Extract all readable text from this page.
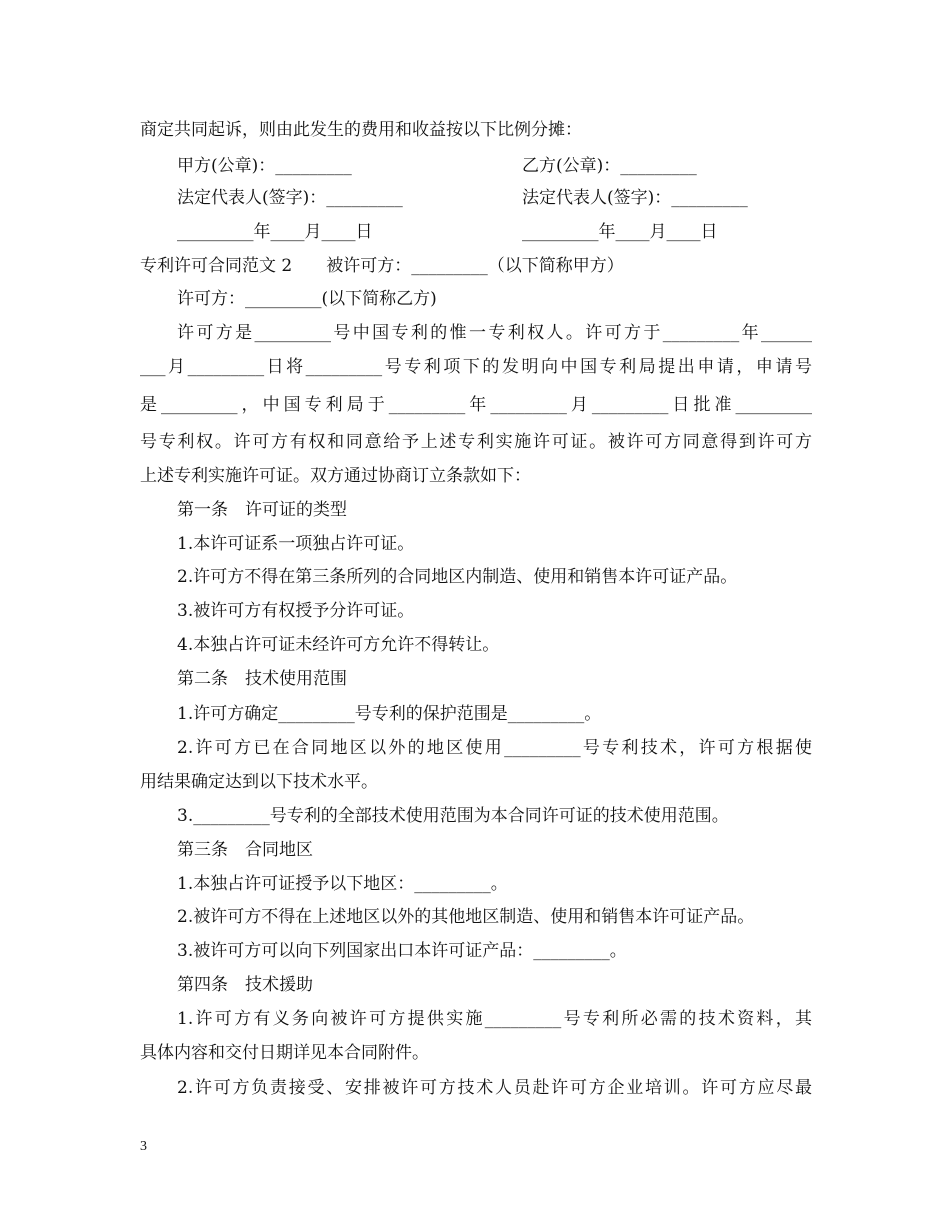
商定共同起诉，则由此发生的费用和收益按以下比例分摊：
甲方(公章)：_________	乙方(公章)：_________
法定代表人(签字)：_________	法定代表人(签字)：_________
_________年____月____日	_________年____月____日
专利许可合同范文 2　　被许可方：_________（以下简称甲方）
许可方：_________(以下简称乙方)
许可方是_________号中国专利的惟一专利权人。许可方于_________年______
___月_________日将_________号专利项下的发明向中国专利局提出申请，申请号
是_________，中国专利局于_________年_________月_________日批准_________
号专利权。许可方有权和同意给予上述专利实施许可证。被许可方同意得到许可方
上述专利实施许可证。双方通过协商订立条款如下：
第一条　许可证的类型
1.本许可证系一项独占许可证。
2.许可方不得在第三条所列的合同地区内制造、使用和销售本许可证产品。
3.被许可方有权授予分许可证。
4.本独占许可证未经许可方允许不得转让。
第二条　技术使用范围
1.许可方确定_________号专利的保护范围是_________。
2.许可方已在合同地区以外的地区使用_________号专利技术，许可方根据使
用结果确定达到以下技术水平。
3._________号专利的全部技术使用范围为本合同许可证的技术使用范围。
第三条　合同地区
1.本独占许可证授予以下地区：_________。
2.被许可方不得在上述地区以外的其他地区制造、使用和销售本许可证产品。
3.被许可方可以向下列国家出口本许可证产品：_________。
第四条　技术援助
1.许可方有义务向被许可方提供实施_________号专利所必需的技术资料，其
具体内容和交付日期详见本合同附件。
2.许可方负责接受、安排被许可方技术人员赴许可方企业培训。许可方应尽最
3
